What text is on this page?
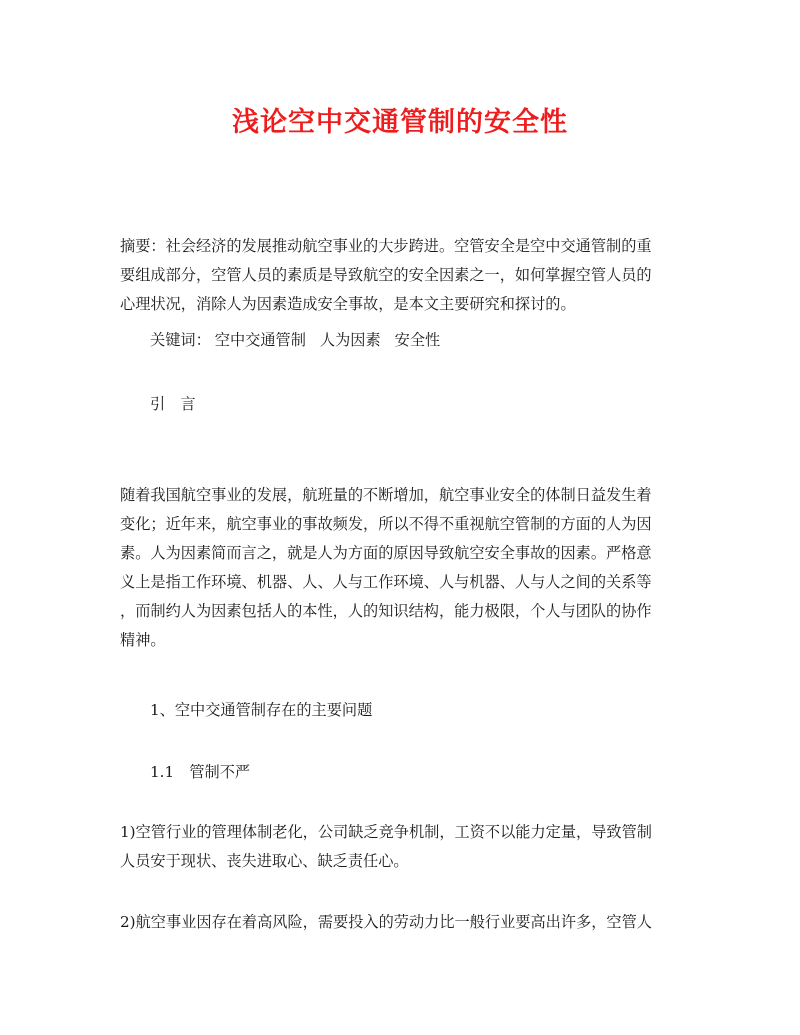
浅论空中交通管制的安全性

摘要：社会经济的发展推动航空事业的大步跨进。空管安全是空中交通管制的重

要组成部分，空管人员的素质是导致航空的安全因素之一，如何掌握空管人员的

心理状况，消除人为因素造成安全事故，是本文主要研究和探讨的。

关键词： 空中交通管制 人为因素 安全性

引　言

随着我国航空事业的发展，航班量的不断增加，航空事业安全的体制日益发生着

变化；近年来，航空事业的事故频发，所以不得不重视航空管制的方面的人为因

素。人为因素简而言之，就是人为方面的原因导致航空安全事故的因素。严格意

义上是指工作环境、机器、人、人与工作环境、人与机器、人与人之间的关系等

，而制约人为因素包括人的本性，人的知识结构，能力极限，个人与团队的协作

精神。

1、空中交通管制存在的主要问题

1.1　管制不严

1)空管行业的管理体制老化，公司缺乏竞争机制，工资不以能力定量，导致管制

人员安于现状、丧失进取心、缺乏责任心。

2)航空事业因存在着高风险，需要投入的劳动力比一般行业要高出许多，空管人
